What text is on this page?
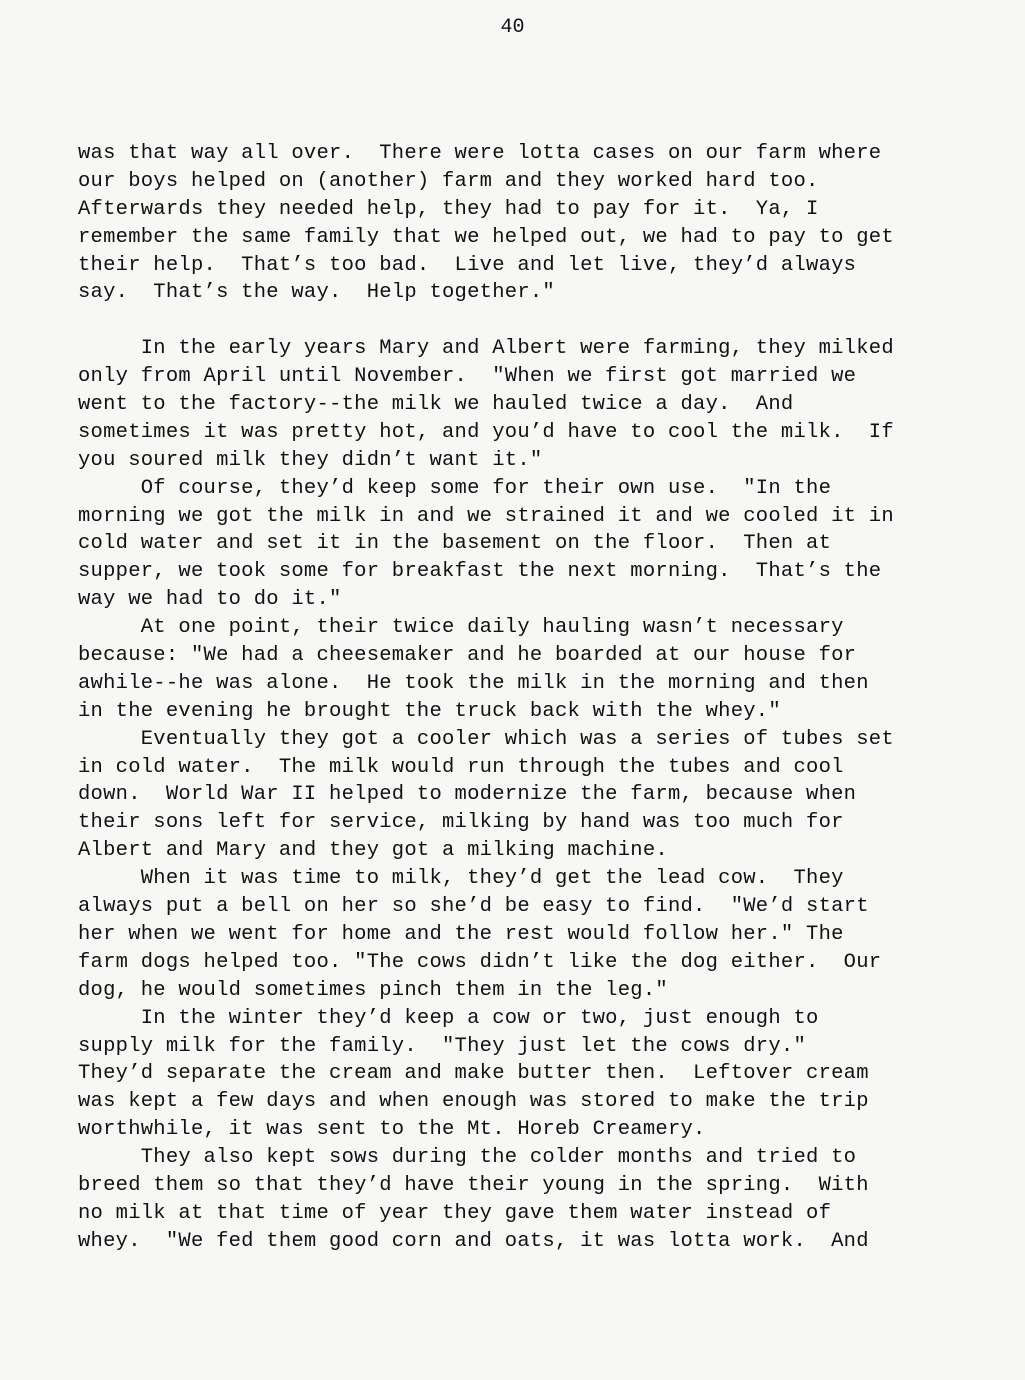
40
was that way all over.  There were lotta cases on our farm where
our boys helped on (another) farm and they worked hard too.
Afterwards they needed help, they had to pay for it.  Ya, I
remember the same family that we helped out, we had to pay to get
their help.  That’s too bad.  Live and let live, they’d always
say.  That’s the way.  Help together."
In the early years Mary and Albert were farming, they milked
only from April until November.  "When we first got married we
went to the factory--the milk we hauled twice a day.  And
sometimes it was pretty hot, and you’d have to cool the milk.  If
you soured milk they didn’t want it."
Of course, they’d keep some for their own use.  "In the
morning we got the milk in and we strained it and we cooled it in
cold water and set it in the basement on the floor.  Then at
supper, we took some for breakfast the next morning.  That’s the
way we had to do it."
At one point, their twice daily hauling wasn’t necessary
because: "We had a cheesemaker and he boarded at our house for
awhile--he was alone.  He took the milk in the morning and then
in the evening he brought the truck back with the whey."
Eventually they got a cooler which was a series of tubes set
in cold water.  The milk would run through the tubes and cool
down.  World War II helped to modernize the farm, because when
their sons left for service, milking by hand was too much for
Albert and Mary and they got a milking machine.
When it was time to milk, they’d get the lead cow.  They
always put a bell on her so she’d be easy to find.  "We’d start
her when we went for home and the rest would follow her." The
farm dogs helped too. "The cows didn’t like the dog either.  Our
dog, he would sometimes pinch them in the leg."
In the winter they’d keep a cow or two, just enough to
supply milk for the family.  "They just let the cows dry."
They’d separate the cream and make butter then.  Leftover cream
was kept a few days and when enough was stored to make the trip
worthwhile, it was sent to the Mt. Horeb Creamery.
They also kept sows during the colder months and tried to
breed them so that they’d have their young in the spring.  With
no milk at that time of year they gave them water instead of
whey.  "We fed them good corn and oats, it was lotta work.  And
